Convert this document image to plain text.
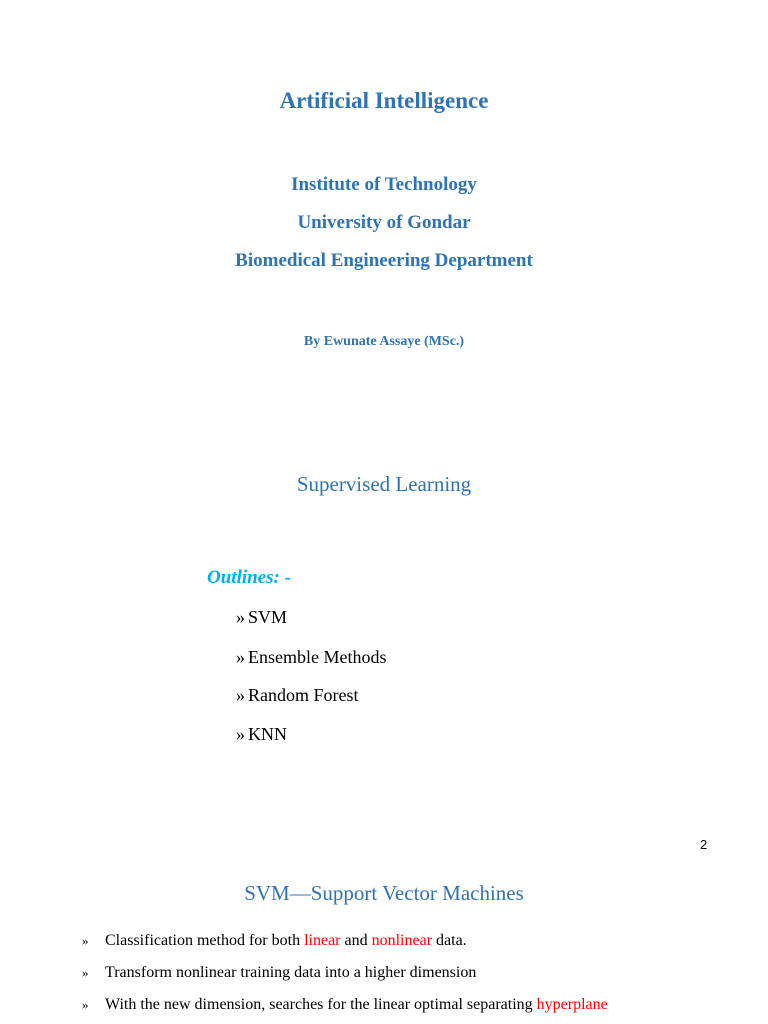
Artificial Intelligence
Institute of Technology
University of Gondar
Biomedical Engineering Department
By Ewunate Assaye (MSc.)
Supervised Learning
Outlines: -
» SVM
» Ensemble Methods
» Random Forest
» KNN
2
SVM—Support Vector Machines
» Classification method for both linear and nonlinear data.
» Transform nonlinear training data into a higher dimension
» With the new dimension, searches for the linear optimal separating hyperplane
